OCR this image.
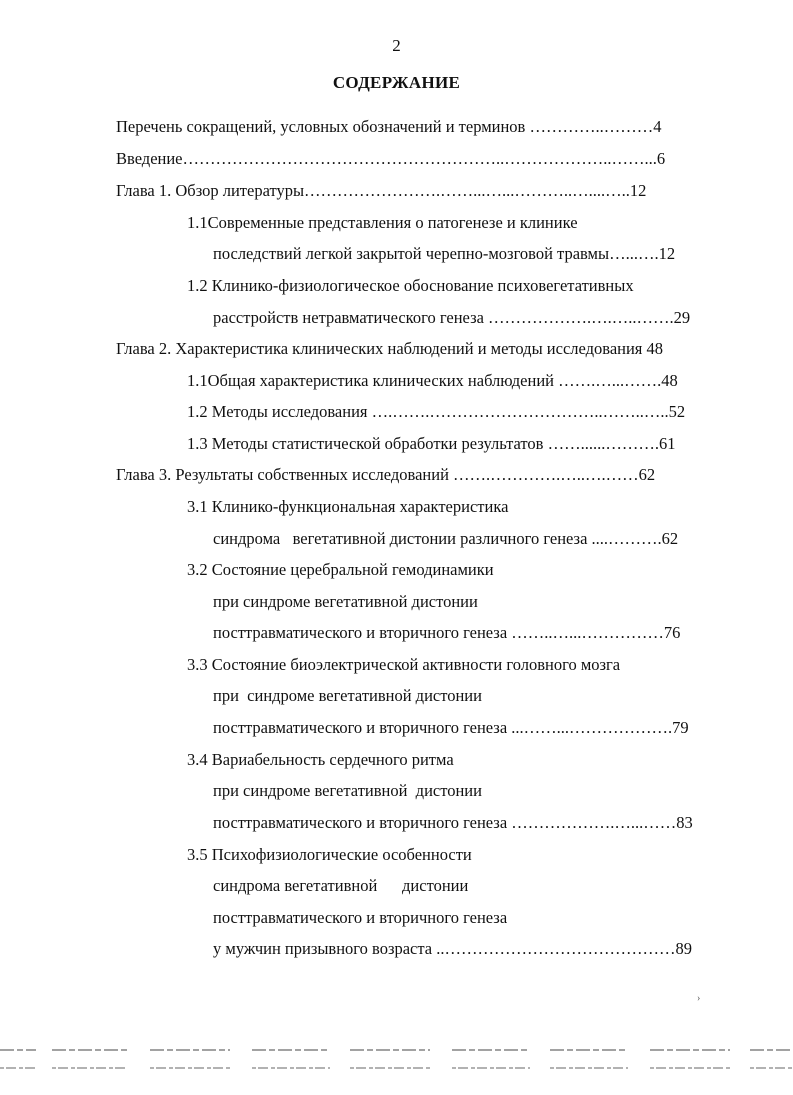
2
СОДЕРЖАНИЕ
Перечень сокращений, условных обозначений и терминов …………..………4
Введение…………………………………………………..………………..……...6
Глава 1. Обзор литературы…………………….……...…...………..…....…..12
1.1Современные представления о патогенезе и клинике
последствий легкой закрытой черепно-мозговой травмы…...….12
1.2 Клинико-физиологическое обоснование психовегетативных
расстройств нетравматического генеза ……………….….…..…….29
Глава 2. Характеристика клинических наблюдений и методы исследования 48
1.1Общая характеристика клинических наблюдений …….…...…….48
1.2 Методы исследования ….…….…………………………..……..…..52
1.3 Методы статистической обработки результатов ……......……….61
Глава 3. Результаты собственных исследований …….………….…..….……62
3.1 Клинико-функциональная характеристика
синдрома   вегетативной дистонии различного генеза ....……….62
3.2 Состояние церебральной гемодинамики
при синдроме вегетативной дистонии
посттравматического и вторичного генеза ……..…...……………76
3.3 Состояние биоэлектрической активности головного мозга
при  синдроме вегетативной дистонии
посттравматического и вторичного генеза ...……...……………….79
3.4 Вариабельность сердечного ритма
при синдроме вегетативной  дистонии
посттравматического и вторичного генеза ……………….…...……83
3.5 Психофизиологические особенности
синдрома вегетативной      дистонии
посттравматического и вторичного генеза
у мужчин призывного возраста ..……………………………………89
›
